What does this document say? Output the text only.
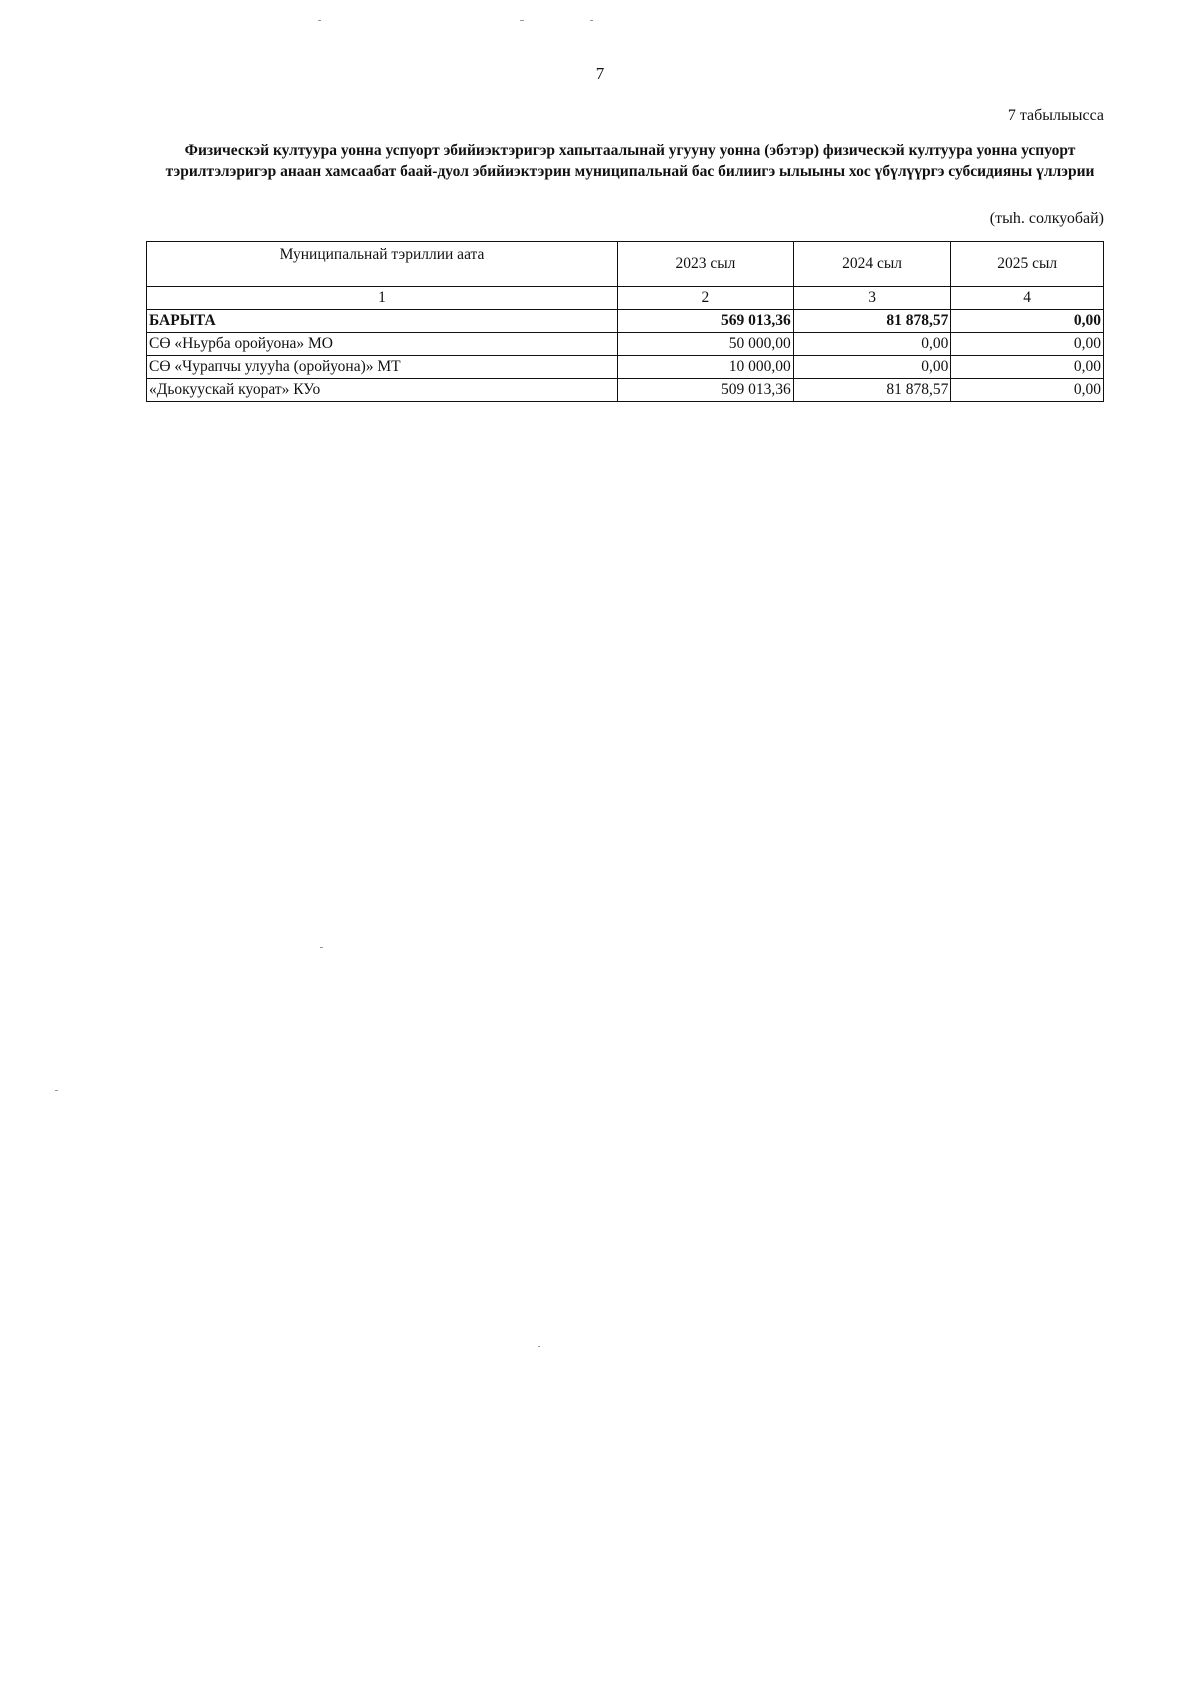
7
7 табылыысса
Физическэй култуура уонна успуорт эбийиэктэригэр хапытаалынай угууну уонна (эбэтэр) физическэй култуура уонна успуорт тэрилтэлэригэр анаан хамсаабат баай-дуол эбийиэктэрин муниципальнай бас билиигэ ылыыны хос үбүлүүргэ субсидияны үллэрии
(тыһ. солкуобай)
Муниципальнай тэриллии аата	2023 сыл	2024 сыл	2025 сыл
1	2	3	4
БАРЫТА	569 013,36	81 878,57	0,00
СӨ «Ньурба оройуона» МО	50 000,00	0,00	0,00
СӨ «Чурапчы улууһа (оройуона)» МТ	10 000,00	0,00	0,00
«Дьокуускай куорат» КУо	509 013,36	81 878,57	0,00
